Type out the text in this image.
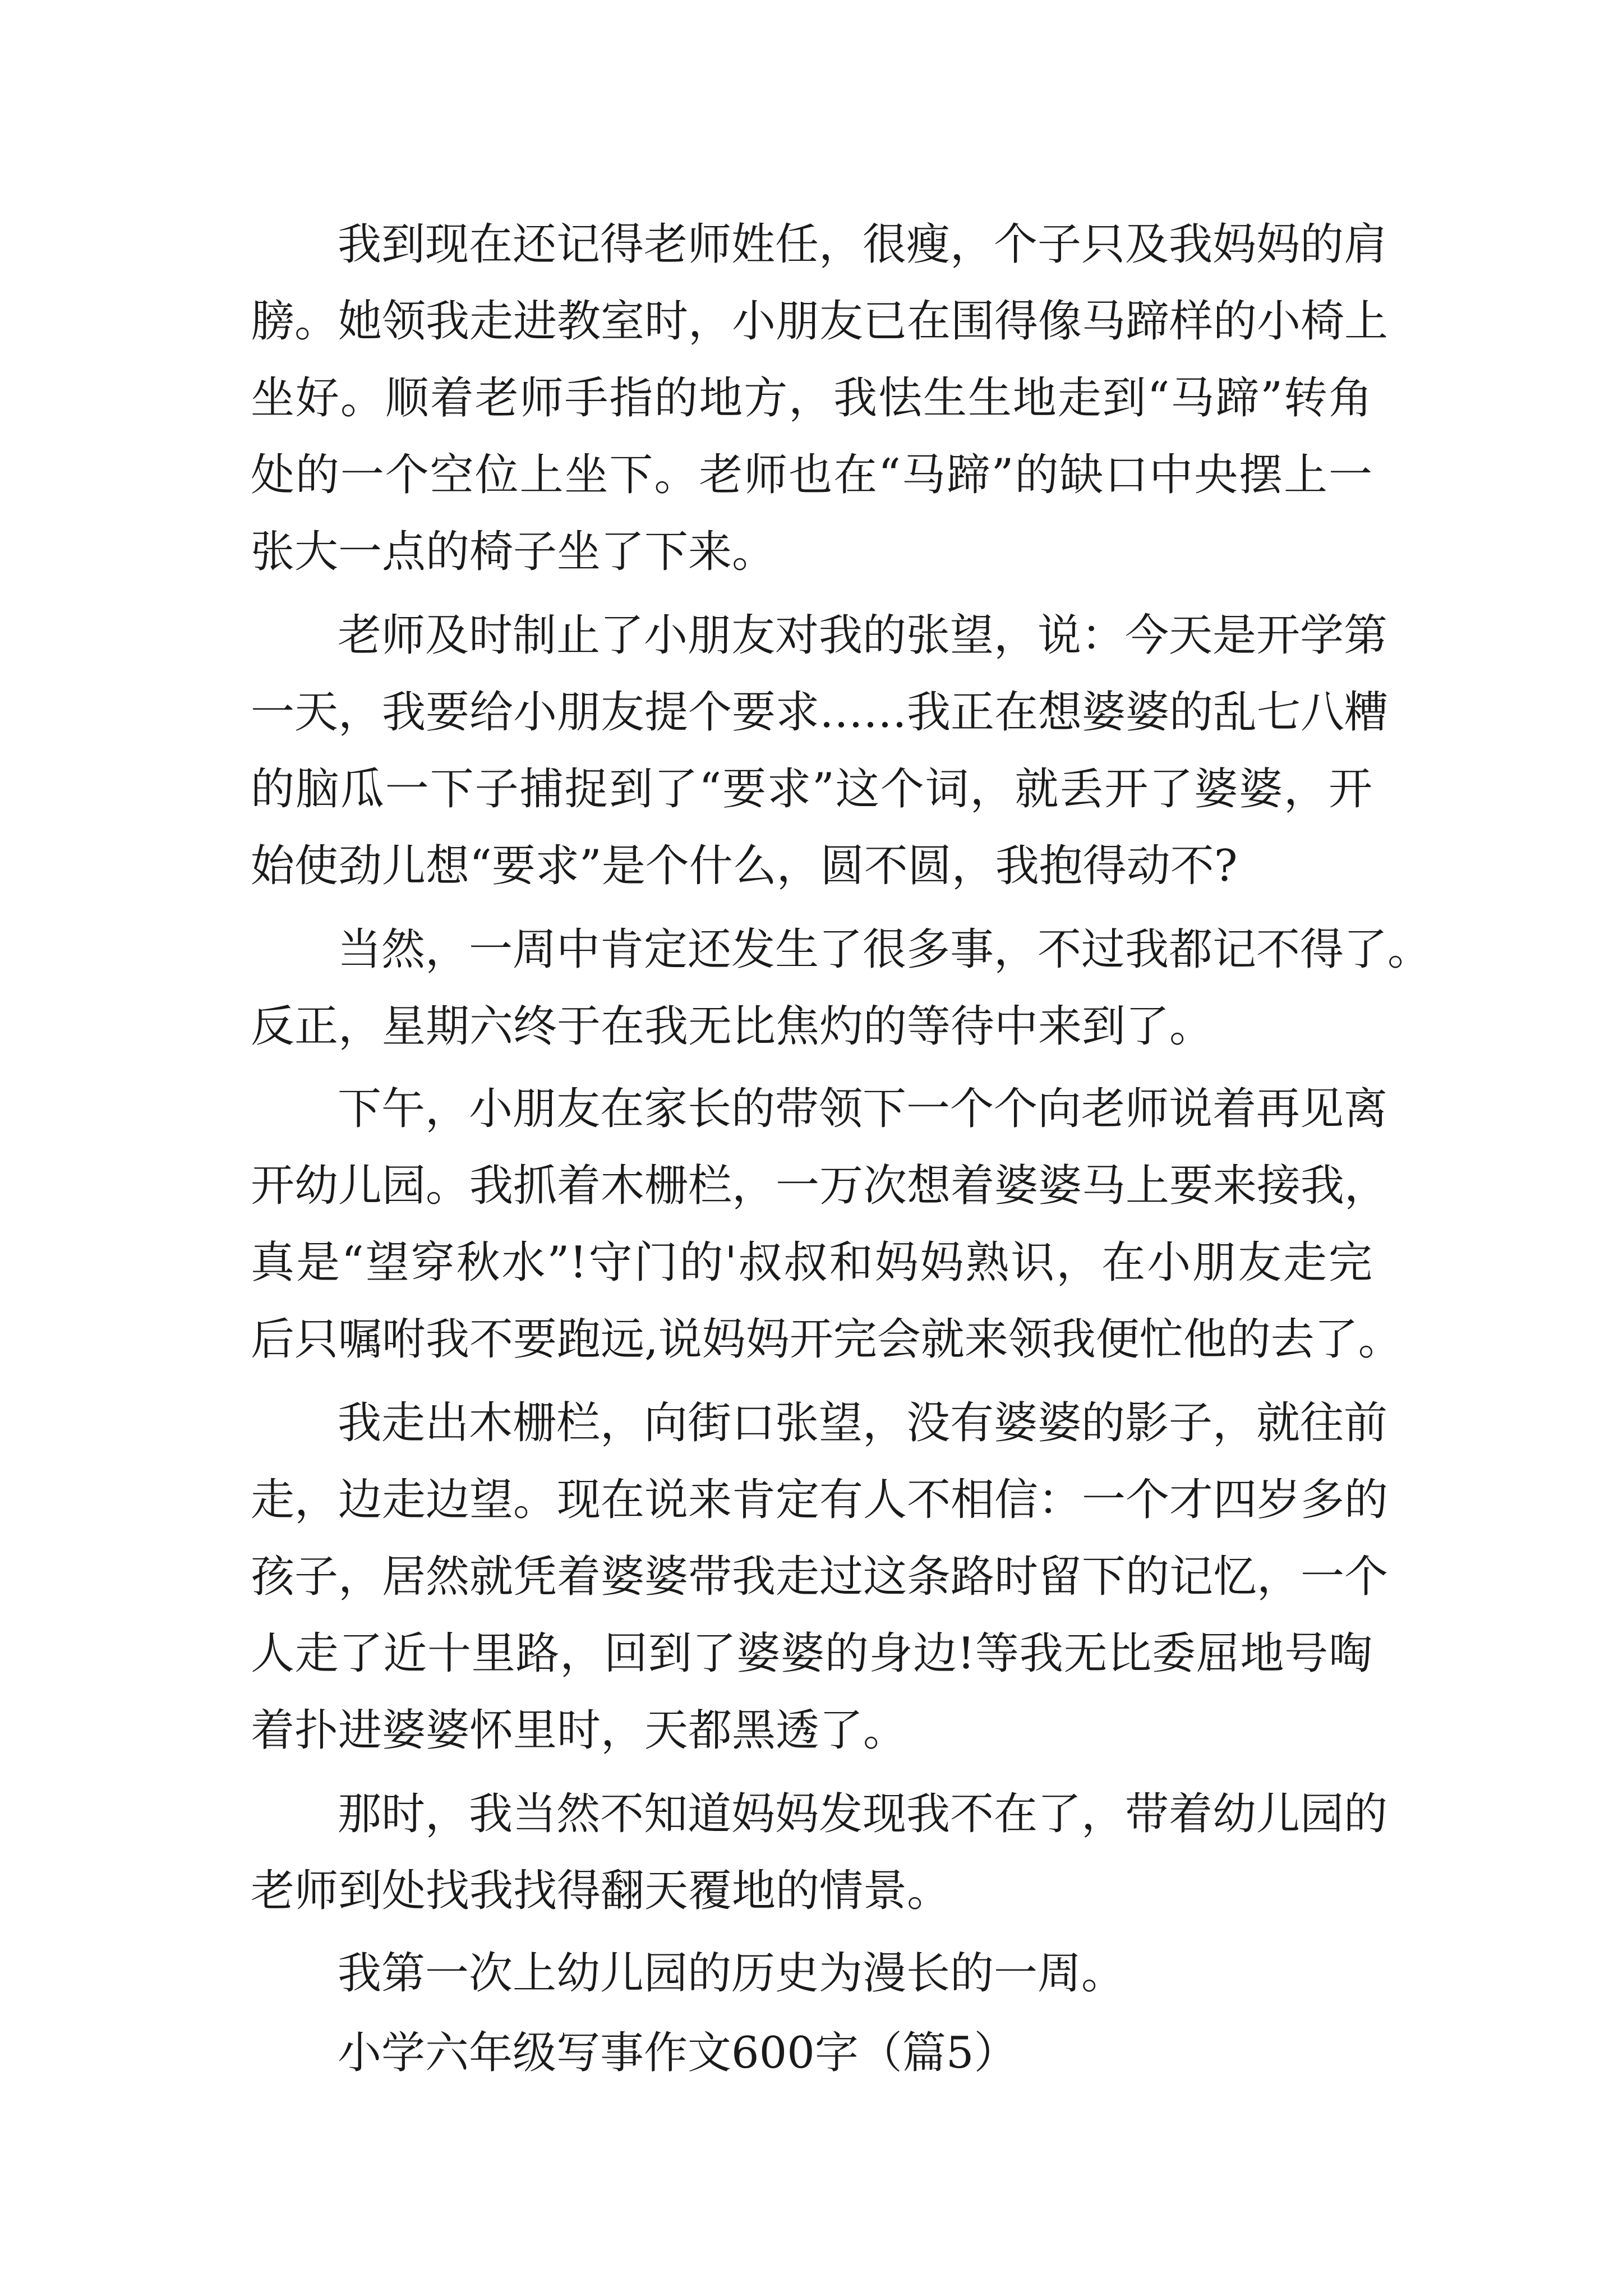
我到现在还记得老师姓任，很瘦，个子只及我妈妈的肩
膀。她领我走进教室时，小朋友已在围得像马蹄样的小椅上
坐好。顺着老师手指的地方，我怯生生地走到“马蹄”转角
处的一个空位上坐下。老师也在“马蹄”的缺口中央摆上一
张大一点的椅子坐了下来。
老师及时制止了小朋友对我的张望，说：今天是开学第
一天，我要给小朋友提个要求……我正在想婆婆的乱七八糟
的脑瓜一下子捕捉到了“要求”这个词，就丢开了婆婆，开
始使劲儿想“要求”是个什么，圆不圆，我抱得动不?
当然，一周中肯定还发生了很多事，不过我都记不得了。
反正，星期六终于在我无比焦灼的等待中来到了。
下午，小朋友在家长的带领下一个个向老师说着再见离
开幼儿园。我抓着木栅栏，一万次想着婆婆马上要来接我，
真是“望穿秋水”!守门的'叔叔和妈妈熟识，在小朋友走完
后只嘱咐我不要跑远,说妈妈开完会就来领我便忙他的去了。
我走出木栅栏，向街口张望，没有婆婆的影子，就往前
走，边走边望。现在说来肯定有人不相信：一个才四岁多的
孩子，居然就凭着婆婆带我走过这条路时留下的记忆，一个
人走了近十里路，回到了婆婆的身边!等我无比委屈地号啕
着扑进婆婆怀里时，天都黑透了。
那时，我当然不知道妈妈发现我不在了，带着幼儿园的
老师到处找我找得翻天覆地的情景。
我第一次上幼儿园的历史为漫长的一周。
小学六年级写事作文600字（篇5）
